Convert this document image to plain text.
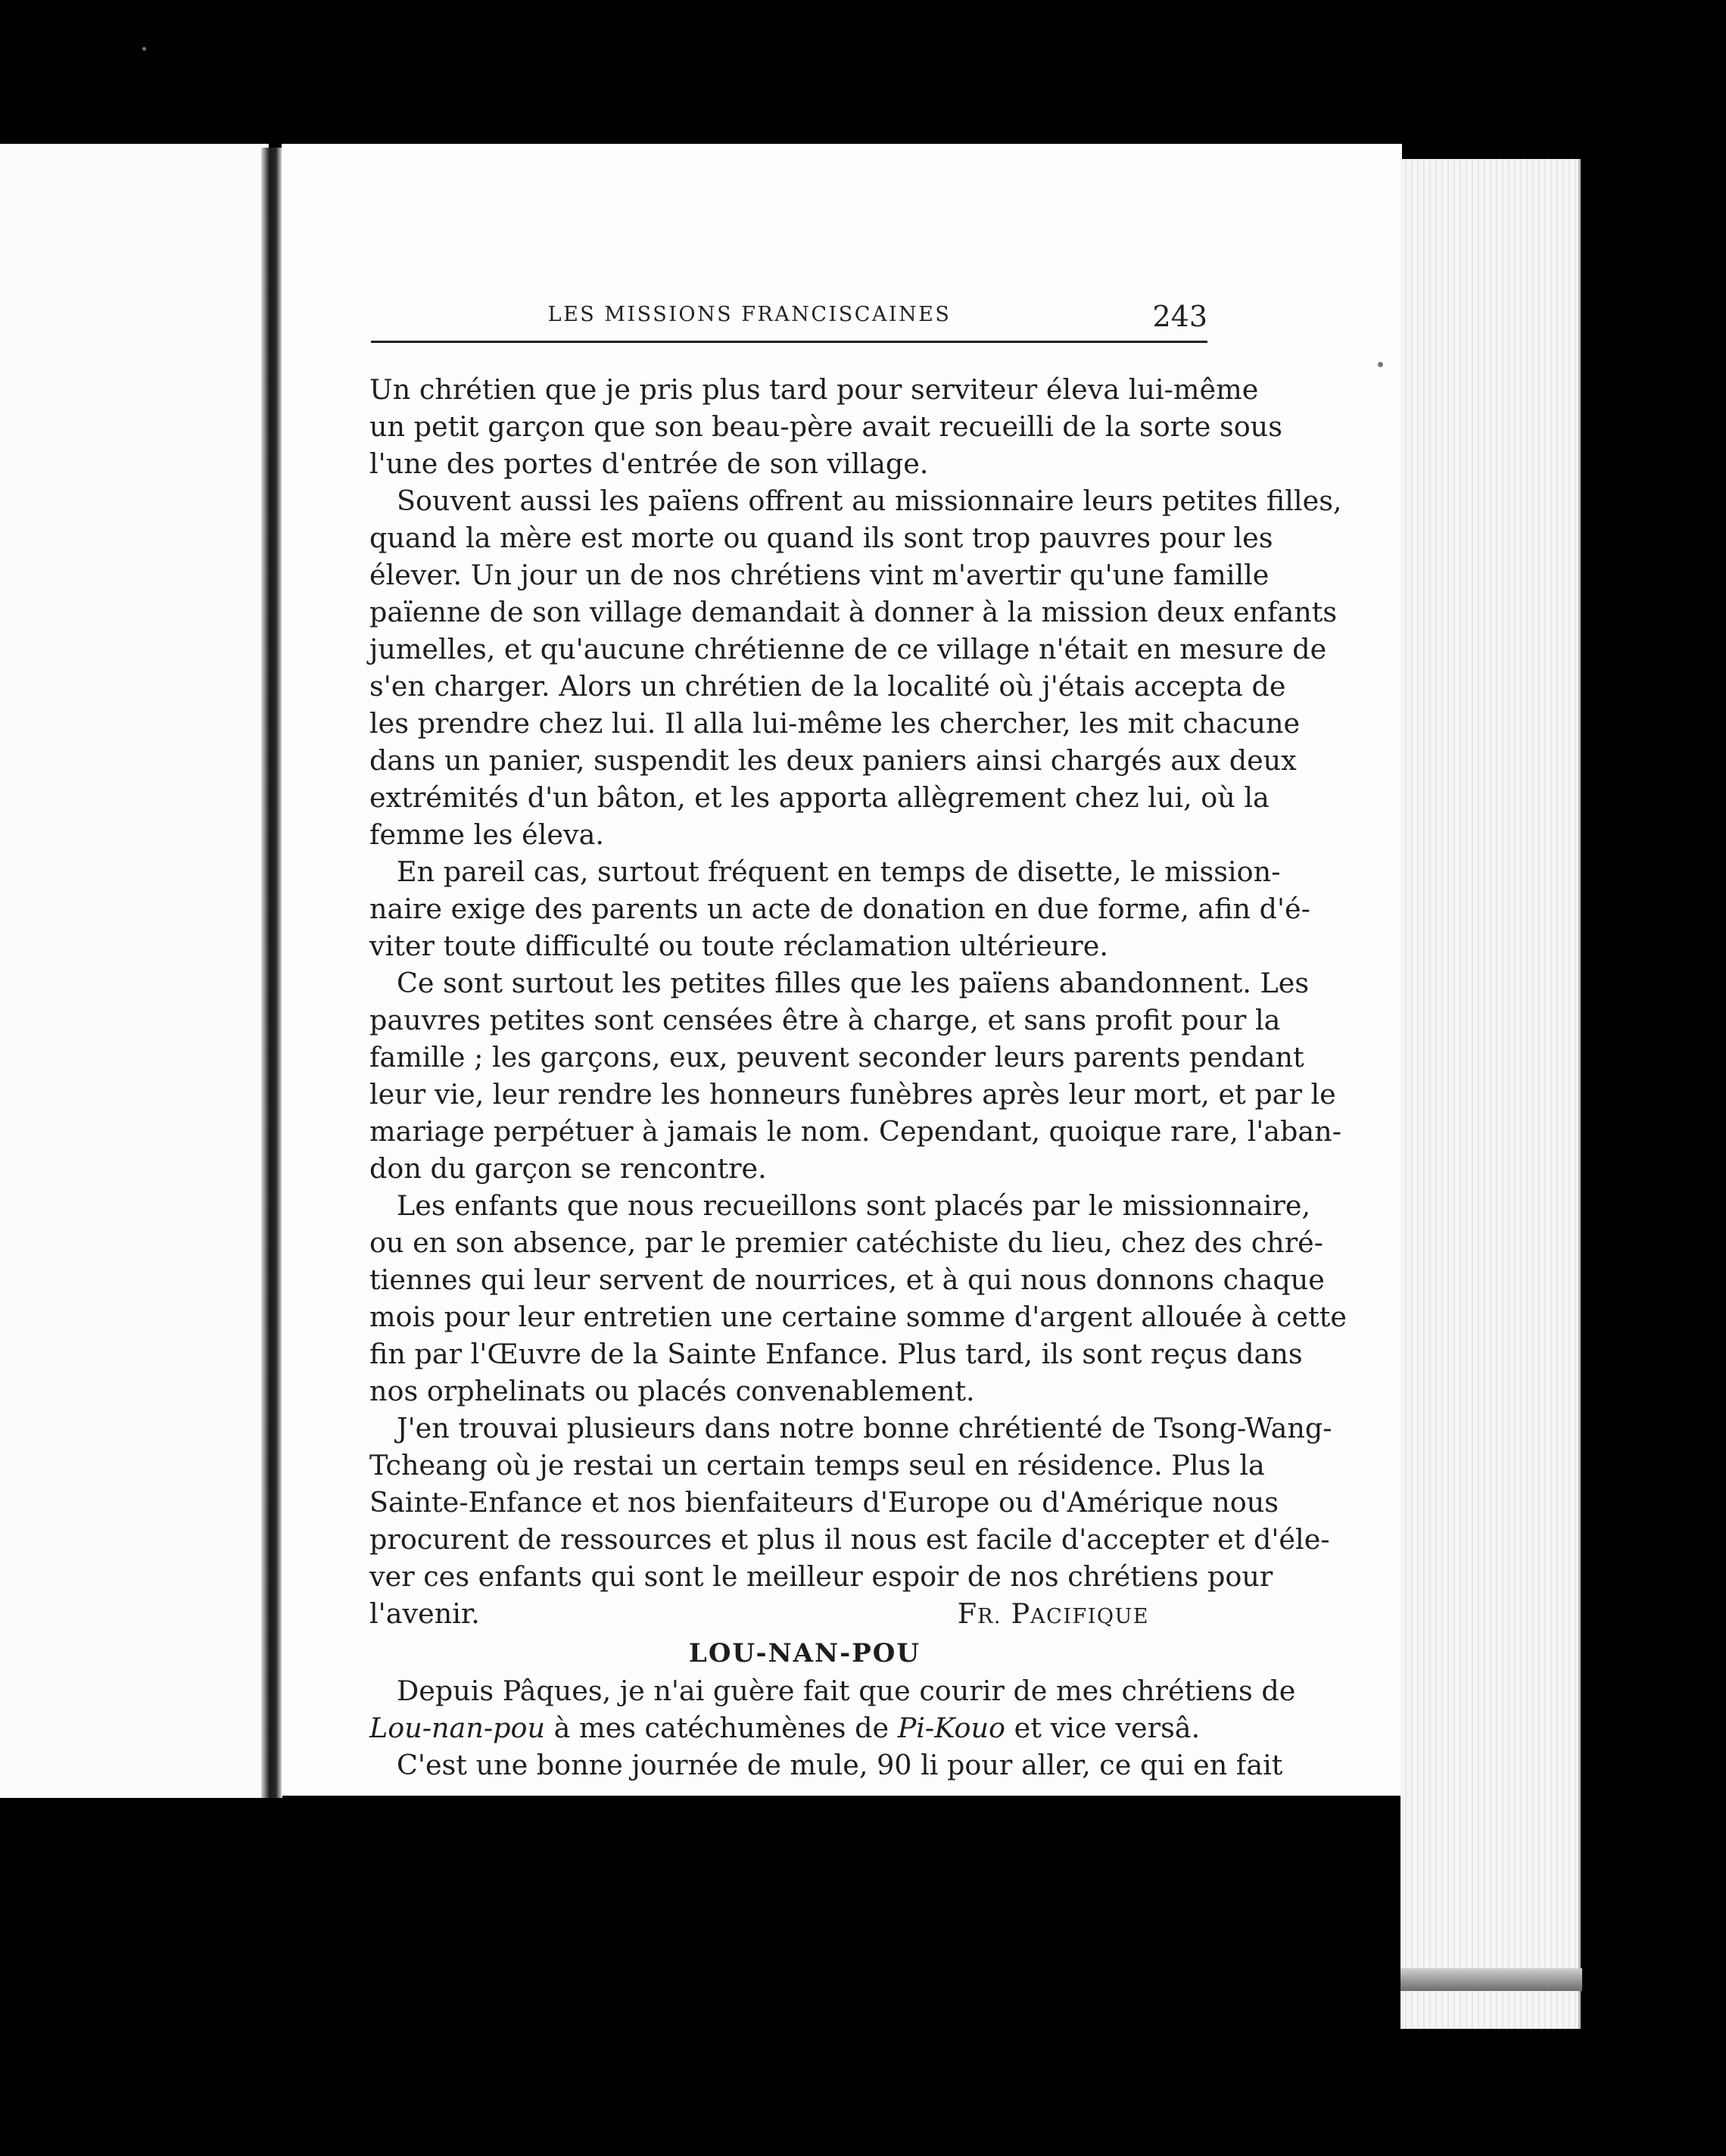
LES MISSIONS FRANCISCAINES	243
Un chrétien que je pris plus tard pour serviteur éleva lui-même
un petit garçon que son beau-père avait recueilli de la sorte sous
l'une des portes d'entrée de son village.
Souvent aussi les païens offrent au missionnaire leurs petites filles,
quand la mère est morte ou quand ils sont trop pauvres pour les
élever. Un jour un de nos chrétiens vint m'avertir qu'une famille
païenne de son village demandait à donner à la mission deux enfants
jumelles, et qu'aucune chrétienne de ce village n'était en mesure de
s'en charger. Alors un chrétien de la localité où j'étais accepta de
les prendre chez lui. Il alla lui-même les chercher, les mit chacune
dans un panier, suspendit les deux paniers ainsi chargés aux deux
extrémités d'un bâton, et les apporta allègrement chez lui, où la
femme les éleva.
En pareil cas, surtout fréquent en temps de disette, le mission-
naire exige des parents un acte de donation en due forme, afin d'é-
viter toute difficulté ou toute réclamation ultérieure.
Ce sont surtout les petites filles que les païens abandonnent. Les
pauvres petites sont censées être à charge, et sans profit pour la
famille ; les garçons, eux, peuvent seconder leurs parents pendant
leur vie, leur rendre les honneurs funèbres après leur mort, et par le
mariage perpétuer à jamais le nom. Cependant, quoique rare, l'aban-
don du garçon se rencontre.
Les enfants que nous recueillons sont placés par le missionnaire,
ou en son absence, par le premier catéchiste du lieu, chez des chré-
tiennes qui leur servent de nourrices, et à qui nous donnons chaque
mois pour leur entretien une certaine somme d'argent allouée à cette
fin par l'Œuvre de la Sainte Enfance. Plus tard, ils sont reçus dans
nos orphelinats ou placés convenablement.
J'en trouvai plusieurs dans notre bonne chrétienté de Tsong-Wang-
Tcheang où je restai un certain temps seul en résidence. Plus la
Sainte-Enfance et nos bienfaiteurs d'Europe ou d'Amérique nous
procurent de ressources et plus il nous est facile d'accepter et d'éle-
ver ces enfants qui sont le meilleur espoir de nos chrétiens pour
l'avenir.	FR. PACIFIQUE
LOU-NAN-POU
Depuis Pâques, je n'ai guère fait que courir de mes chrétiens de
Lou-nan-pou à mes catéchumènes de Pi-Kouo et vice versâ.
C'est une bonne journée de mule, 90 li pour aller, ce qui en fait
